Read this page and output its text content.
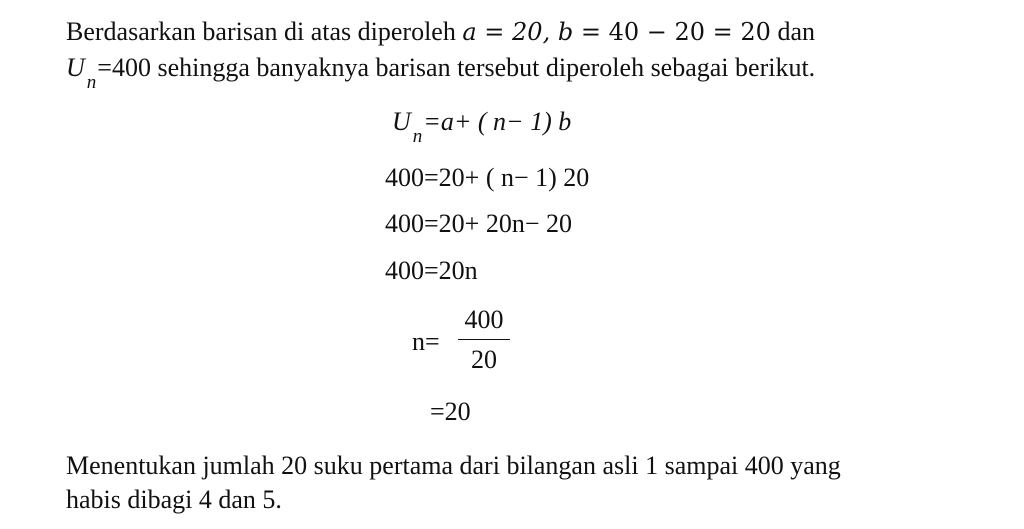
Berdasarkan barisan di atas diperoleh a = 20, b = 40 − 20 = 20 dan
$U_n=400$ sehingga banyaknya barisan tersebut diperoleh sebagai berikut.
$U_n=a+$ ( n− 1) b
400=20+ ( n− 1) 20
400=20+ 20n− 20
400=20n
n=
400
20
=20
Menentukan jumlah 20 suku pertama dari bilangan asli 1 sampai 400 yang
habis dibagi 4 dan 5.
